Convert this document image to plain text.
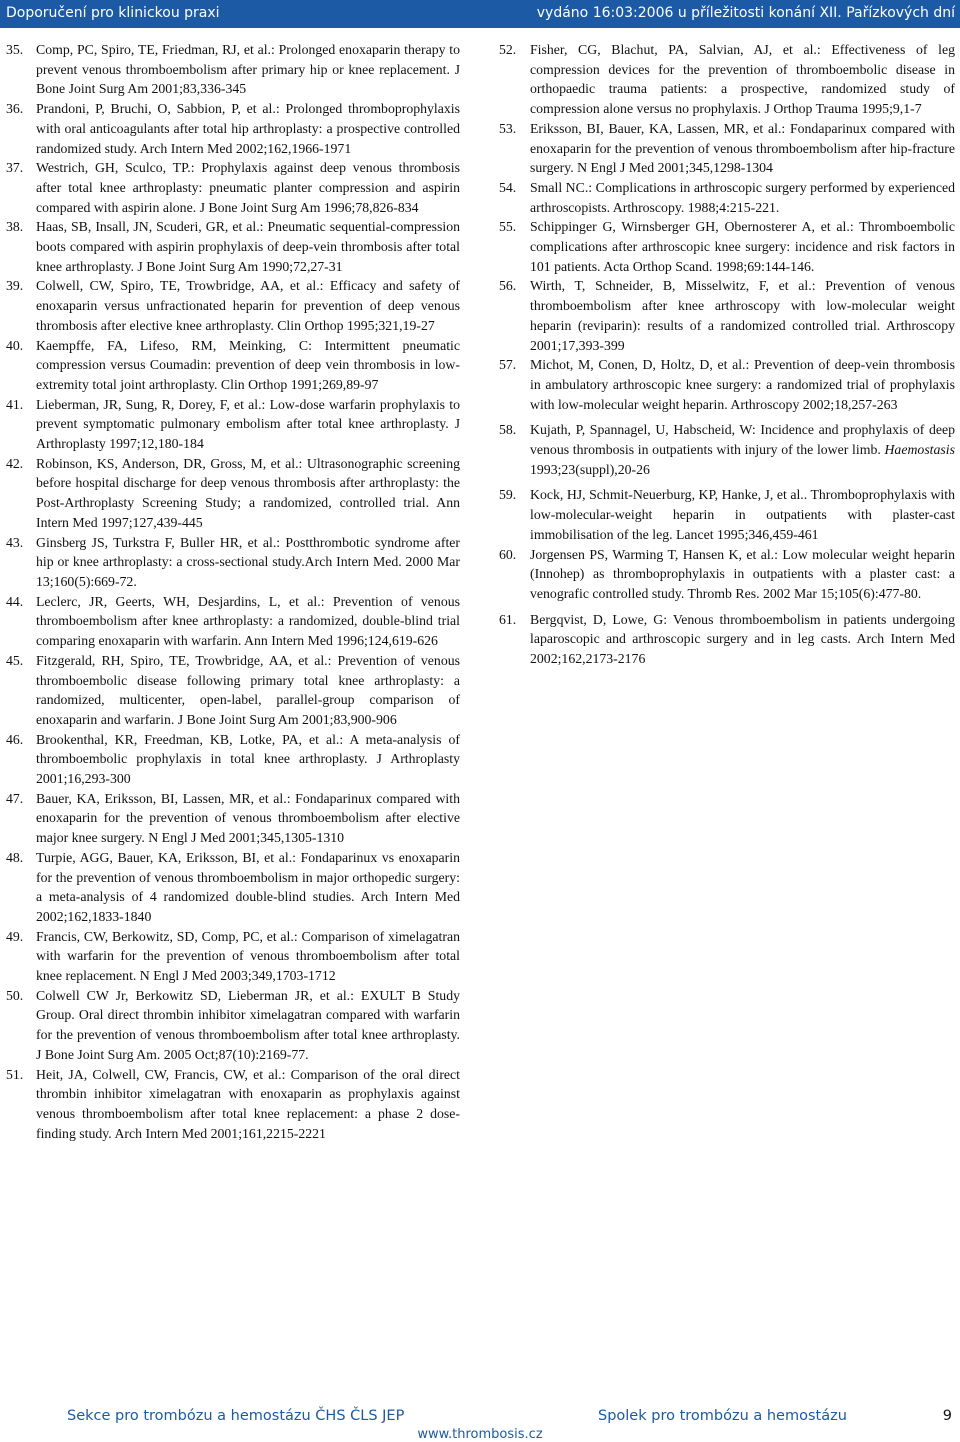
Doporučení pro klinickou praxi	vydáno 16:03:2006 u příležitosti konání XII. Pařízkových dní
35. Comp, PC, Spiro, TE, Friedman, RJ, et al.: Prolonged enoxaparin therapy to prevent venous thromboembolism after primary hip or knee replacement. J Bone Joint Surg Am 2001;83,336-345
36. Prandoni, P, Bruchi, O, Sabbion, P, et al.: Prolonged thromboprophylaxis with oral anticoagulants after total hip arthroplasty: a prospective controlled randomized study. Arch Intern Med 2002;162,1966-1971
37. Westrich, GH, Sculco, TP.: Prophylaxis against deep venous thrombosis after total knee arthroplasty: pneumatic planter compression and aspirin compared with aspirin alone. J Bone Joint Surg Am 1996;78,826-834
38. Haas, SB, Insall, JN, Scuderi, GR, et al.: Pneumatic sequential-compression boots compared with aspirin prophylaxis of deep-vein thrombosis after total knee arthroplasty. J Bone Joint Surg Am 1990;72,27-31
39. Colwell, CW, Spiro, TE, Trowbridge, AA, et al.: Efficacy and safety of enoxaparin versus unfractionated heparin for prevention of deep venous thrombosis after elective knee arthroplasty. Clin Orthop 1995;321,19-27
40. Kaempffe, FA, Lifeso, RM, Meinking, C: Intermittent pneumatic compression versus Coumadin: prevention of deep vein thrombosis in low-extremity total joint arthroplasty. Clin Orthop 1991;269,89-97
41. Lieberman, JR, Sung, R, Dorey, F, et al.: Low-dose warfarin prophylaxis to prevent symptomatic pulmonary embolism after total knee arthroplasty. J Arthroplasty 1997;12,180-184
42. Robinson, KS, Anderson, DR, Gross, M, et al.: Ultrasonographic screening before hospital discharge for deep venous thrombosis after arthroplasty: the Post-Arthroplasty Screening Study; a randomized, controlled trial. Ann Intern Med 1997;127,439-445
43. Ginsberg JS, Turkstra F, Buller HR, et al.: Postthrombotic syndrome after hip or knee arthroplasty: a cross-sectional study.Arch Intern Med. 2000 Mar 13;160(5):669-72.
44. Leclerc, JR, Geerts, WH, Desjardins, L, et al.: Prevention of venous thromboembolism after knee arthroplasty: a randomized, double-blind trial comparing enoxaparin with warfarin. Ann Intern Med 1996;124,619-626
45. Fitzgerald, RH, Spiro, TE, Trowbridge, AA, et al.: Prevention of venous thromboembolic disease following primary total knee arthroplasty: a randomized, multicenter, open-label, parallel-group comparison of enoxaparin and warfarin. J Bone Joint Surg Am 2001;83,900-906
46. Brookenthal, KR, Freedman, KB, Lotke, PA, et al.: A meta-analysis of thromboembolic prophylaxis in total knee arthroplasty. J Arthroplasty 2001;16,293-300
47. Bauer, KA, Eriksson, BI, Lassen, MR, et al.: Fondaparinux compared with enoxaparin for the prevention of venous thromboembolism after elective major knee surgery. N Engl J Med 2001;345,1305-1310
48. Turpie, AGG, Bauer, KA, Eriksson, BI, et al.: Fondaparinux vs enoxaparin for the prevention of venous thromboembolism in major orthopedic surgery: a meta-analysis of 4 randomized double-blind studies. Arch Intern Med 2002;162,1833-1840
49. Francis, CW, Berkowitz, SD, Comp, PC, et al.: Comparison of ximelagatran with warfarin for the prevention of venous thromboembolism after total knee replacement. N Engl J Med 2003;349,1703-1712
50. Colwell CW Jr, Berkowitz SD, Lieberman JR, et al.: EXULT B Study Group. Oral direct thrombin inhibitor ximelagatran compared with warfarin for the prevention of venous thromboembolism after total knee arthroplasty. J Bone Joint Surg Am. 2005 Oct;87(10):2169-77.
51. Heit, JA, Colwell, CW, Francis, CW, et al.: Comparison of the oral direct thrombin inhibitor ximelagatran with enoxaparin as prophylaxis against venous thromboembolism after total knee replacement: a phase 2 dose-finding study. Arch Intern Med 2001;161,2215-2221
52. Fisher, CG, Blachut, PA, Salvian, AJ, et al.: Effectiveness of leg compression devices for the prevention of thromboembolic disease in orthopaedic trauma patients: a prospective, randomized study of compression alone versus no prophylaxis. J Orthop Trauma 1995;9,1-7
53. Eriksson, BI, Bauer, KA, Lassen, MR, et al.: Fondaparinux compared with enoxaparin for the prevention of venous thromboembolism after hip-fracture surgery. N Engl J Med 2001;345,1298-1304
54. Small NC.: Complications in arthroscopic surgery performed by experienced arthroscopists. Arthroscopy. 1988;4:215-221.
55. Schippinger G, Wirnsberger GH, Obernosterer A, et al.: Thromboembolic complications after arthroscopic knee surgery: incidence and risk factors in 101 patients. Acta Orthop Scand. 1998;69:144-146.
56. Wirth, T, Schneider, B, Misselwitz, F, et al.: Prevention of venous thromboembolism after knee arthroscopy with low-molecular weight heparin (reviparin): results of a randomized controlled trial. Arthroscopy 2001;17,393-399
57. Michot, M, Conen, D, Holtz, D, et al.: Prevention of deep-vein thrombosis in ambulatory arthroscopic knee surgery: a randomized trial of prophylaxis with low-molecular weight heparin. Arthroscopy 2002;18,257-263
58. Kujath, P, Spannagel, U, Habscheid, W: Incidence and prophylaxis of deep venous thrombosis in outpatients with injury of the lower limb. Haemostasis 1993;23(suppl),20-26
59. Kock, HJ, Schmit-Neuerburg, KP, Hanke, J, et al.. Thromboprophylaxis with low-molecular-weight heparin in outpatients with plaster-cast immobilisation of the leg. Lancet 1995;346,459-461
60. Jorgensen PS, Warming T, Hansen K, et al.: Low molecular weight heparin (Innohep) as thromboprophylaxis in outpatients with a plaster cast: a venografic controlled study. Thromb Res. 2002 Mar 15;105(6):477-80.
61. Bergqvist, D, Lowe, G: Venous thromboembolism in patients undergoing laparoscopic and arthroscopic surgery and in leg casts. Arch Intern Med 2002;162,2173-2176
Sekce pro trombózu a hemostázu ČHS ČLS JEP
www.thrombosis.cz
Spolek pro trombózu a hemostázu	9
